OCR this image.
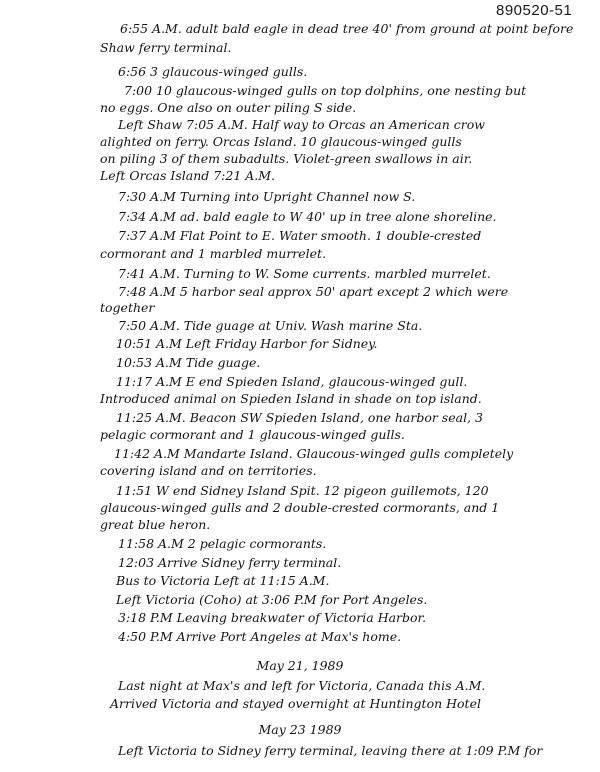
890520-51
6:55 A.M. adult bald eagle in dead tree 40' from ground at point before
Shaw ferry terminal.
6:56 3 glaucous-winged gulls.
7:00 10 glaucous-winged gulls on top dolphins, one nesting but
no eggs. One also on outer piling S side.
Left Shaw 7:05 A.M. Half way to Orcas an American crow
alighted on ferry. Orcas Island. 10 glaucous-winged gulls
on piling 3 of them subadults. Violet-green swallows in air.
Left Orcas Island 7:21 A.M.
7:30 A.M Turning into Upright Channel now S.
7:34 A.M ad. bald eagle to W 40' up in tree alone shoreline.
7:37 A.M Flat Point to E. Water smooth. 1 double-crested
cormorant and 1 marbled murrelet.
7:41 A.M. Turning to W. Some currents. marbled murrelet.
7:48 A.M 5 harbor seal approx 50' apart except 2 which were
together
7:50 A.M. Tide guage at Univ. Wash marine Sta.
10:51 A.M Left Friday Harbor for Sidney.
10:53 A.M Tide guage.
11:17 A.M E end Spieden Island, glaucous-winged gull.
Introduced animal on Spieden Island in shade on top island.
11:25 A.M. Beacon SW Spieden Island, one harbor seal, 3
pelagic cormorant and 1 glaucous-winged gulls.
11:42 A.M Mandarte Island. Glaucous-winged gulls completely
covering island and on territories.
11:51 W end Sidney Island Spit. 12 pigeon guillemots, 120
glaucous-winged gulls and 2 double-crested cormorants, and 1
great blue heron.
11:58 A.M 2 pelagic cormorants.
12:03 Arrive Sidney ferry terminal.
Bus to Victoria Left at 11:15 A.M.
Left Victoria (Coho) at 3:06 P.M for Port Angeles.
3:18 P.M Leaving breakwater of Victoria Harbor.
4:50 P.M Arrive Port Angeles at Max's home.
May 21, 1989
Last night at Max's and left for Victoria, Canada this A.M.
Arrived Victoria and stayed overnight at Huntington Hotel
May 23 1989
Left Victoria to Sidney ferry terminal, leaving there at 1:09 P.M for
